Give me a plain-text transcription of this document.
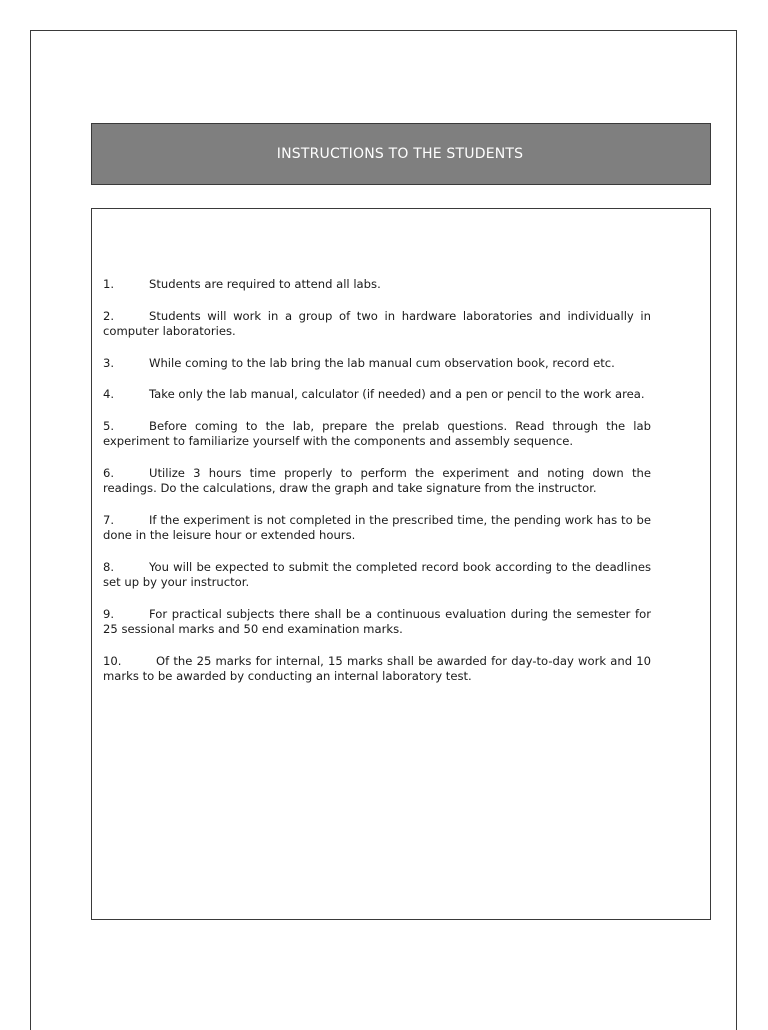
INSTRUCTIONS TO THE STUDENTS
1.	Students are required to attend all labs.
2.	Students will work in a group of two in hardware laboratories and individually in computer laboratories.
3.	While coming to the lab bring the lab manual cum observation book, record etc.
4.	Take only the lab manual, calculator (if needed) and a pen or pencil to the work area.
5.	Before coming to the lab, prepare the prelab questions. Read through the lab experiment to familiarize yourself with the components and assembly sequence.
6.	Utilize 3 hours time properly to perform the experiment and noting down the readings. Do the calculations, draw the graph and take signature from the instructor.
7.	If the experiment is not completed in the prescribed time, the pending work has to be done in the leisure hour or extended hours.
8.	You will be expected to submit the completed record book according to the deadlines set up by your instructor.
9.	For practical subjects there shall be a continuous evaluation during the semester for 25 sessional marks and 50 end examination marks.
10.	Of the 25 marks for internal, 15 marks shall be awarded for day-to-day work and 10 marks to be awarded by conducting an internal laboratory test.
